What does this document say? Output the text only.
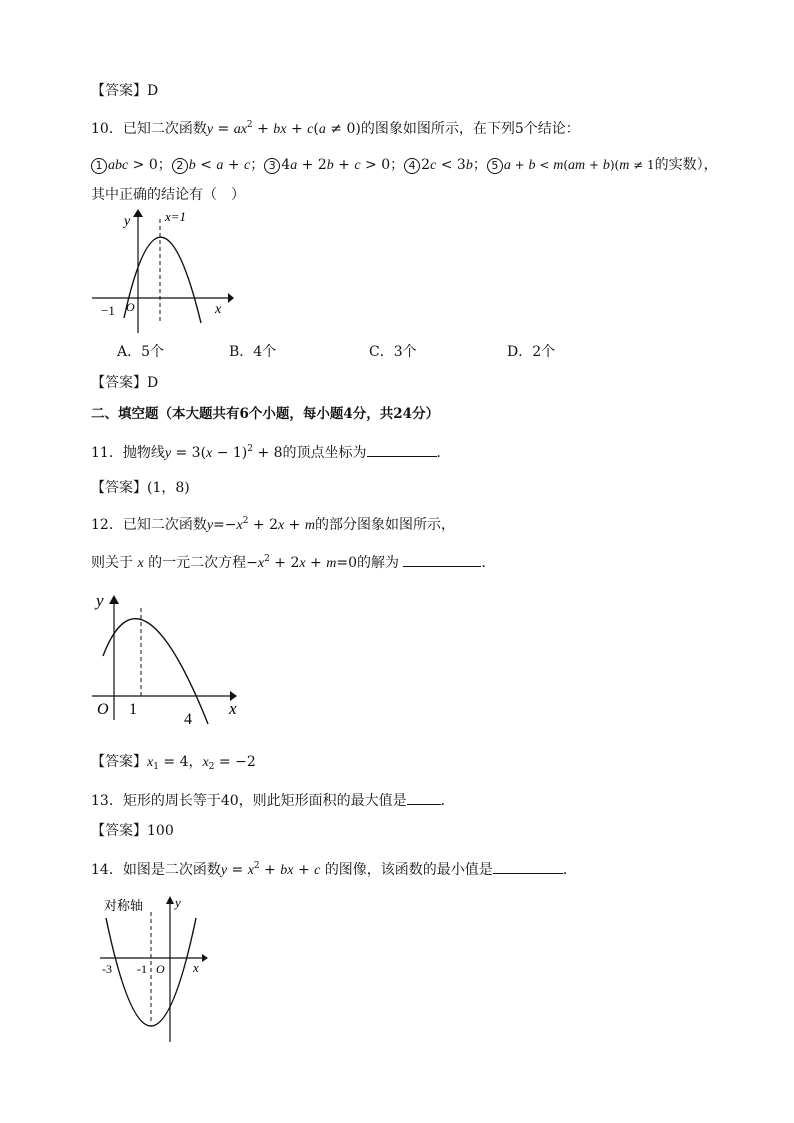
【答案】D
10．已知二次函数$y = ax^2$ + bx + c(a ≠ 0)的图象如图所示，在下列5个结论：
1 abc > 0； 2 b < a + c； 3 4a + 2b + c > 0； 4 2c < 3b； 5 a + b < m(am + b)(m ≠ 1的实数），
其中正确的结论有（　）
y	x=1
x
−1 O
A．5个	B．4个	C．3个	D．2个
【答案】D
二、填空题（本大题共有6个小题，每小题4分，共24分）
11．抛物线$y = 3(x - 1)^2 + 8$的顶点坐标为	．
【答案】(1，8)
12．已知二次函数$y=-x^2 + 2x + m$的部分图象如图所示，
则关于 x 的一元二次方程$-x^2 + 2x + m=0$的解为	．
y
x
O 1
4
【答案】$x_1 = 4$，$x_2 = -2$
13．矩形的周长等于40，则此矩形面积的最大值是 ．
【答案】100
14．如图是二次函数$y = x^2$ + bx + c 的图像，该函数的最小值是	．
对称轴 y
x
-3 -1 O
